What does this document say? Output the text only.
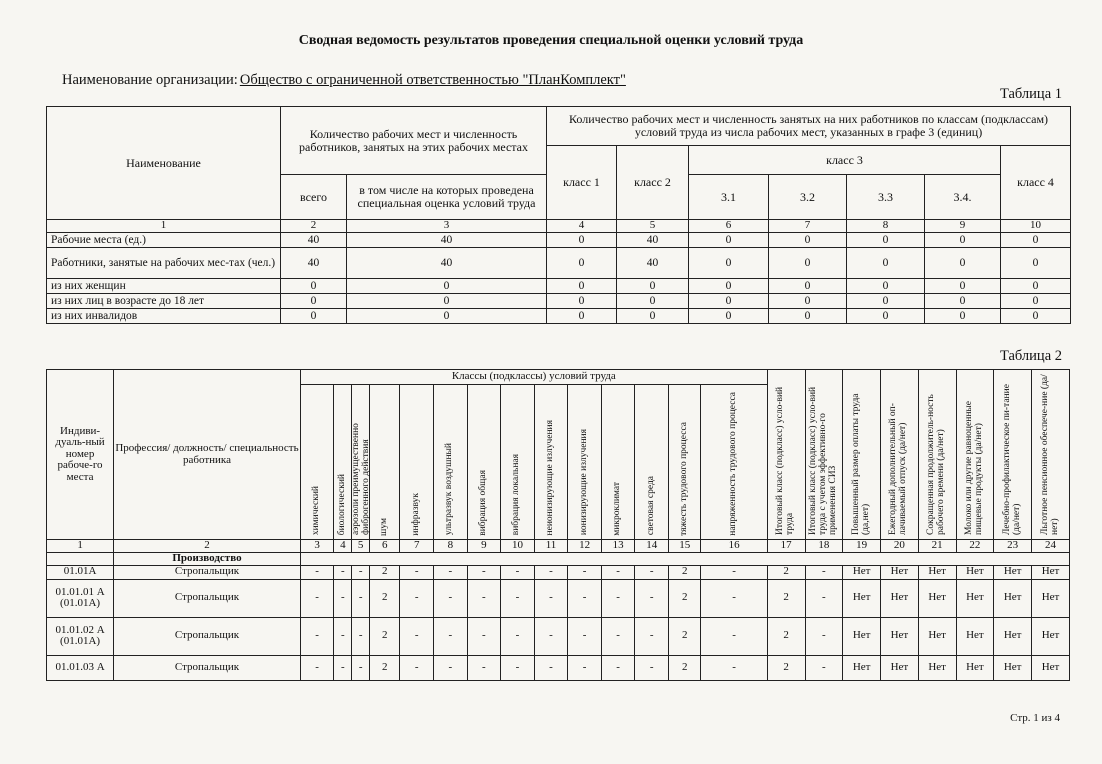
Сводная ведомость результатов проведения специальной оценки условий труда
Наименование организации: Общество с ограниченной ответственностью "ПланКомплект"
Таблица 1
Наименование	Количество рабочих мест и численность работников, занятых на этих рабочих местах		Количество рабочих мест и численность занятых на них работников по классам (подклассам) условий труда из числа рабочих мест, указанных в графе 3 (единиц)						
			класс 1	класс 2	класс 3				класс 4
	всего	в том числе на которых проведена специальная оценка условий труда			3.1	3.2	3.3	3.4.	
1	2	3	4	5	6	7	8	9	10
Рабочие места (ед.)	40	40	0	40	0	0	0	0	0
Работники, занятые на рабочих мес-тах (чел.)	40	40	0	40	0	0	0	0	0
из них женщин	0	0	0	0	0	0	0	0	0
из них лиц в возрасте до 18 лет	0	0	0	0	0	0	0	0	0
из них инвалидов	0	0	0	0	0	0	0	0	0
Таблица 2
Индиви-дуаль-ный номер рабоче-го места	Профессия/ должность/ специальность работника	Классы (подклассы) условий труда														Итоговый класс (подкласс) усло-вий труда	Итоговый класс (подкласс) усло-вий труда с учетом эффективно-го применения СИЗ	Повышенный размер оплаты труда (да,нет)	Ежегодный дополнительный оп-лачиваемый отпуск (да/нет)	Сокращенная продолжитель-ность рабочего времени (да/нет)	Молоко или другие равноценные пищевые продукты (да/нет)	Лечебно-профилактическое пи-тание (да/нет)	Льготное пенсионное обеспече-ние (да/нет)
		химический	биологический	аэрозоли преимущественно фиброгенного действия	шум	инфразвук	ультразвук воздушный	вибрация общая	вибрация локальная	неионизирующие излучения	ионизирующие излучения	микроклимат	световая среда	тяжесть трудового процесса	напряженность трудового процесса								
1	2	3	4	5	6	7	8	9	10	11	12	13	14	15	16	17	18	19	20	21	22	23	24
	Производство																						
01.01А	Стропальщик	-	-	-	2	-	-	-	-	-	-	-	-	2	-	2	-	Нет	Нет	Нет	Нет	Нет	Нет
01.01.01 А (01.01А)	Стропальщик	-	-	-	2	-	-	-	-	-	-	-	-	2	-	2	-	Нет	Нет	Нет	Нет	Нет	Нет
01.01.02 А (01.01А)	Стропальщик	-	-	-	2	-	-	-	-	-	-	-	-	2	-	2	-	Нет	Нет	Нет	Нет	Нет	Нет
01.01.03 А	Стропальщик	-	-	-	2	-	-	-	-	-	-	-	-	2	-	2	-	Нет	Нет	Нет	Нет	Нет	Нет
Стр. 1 из 4
